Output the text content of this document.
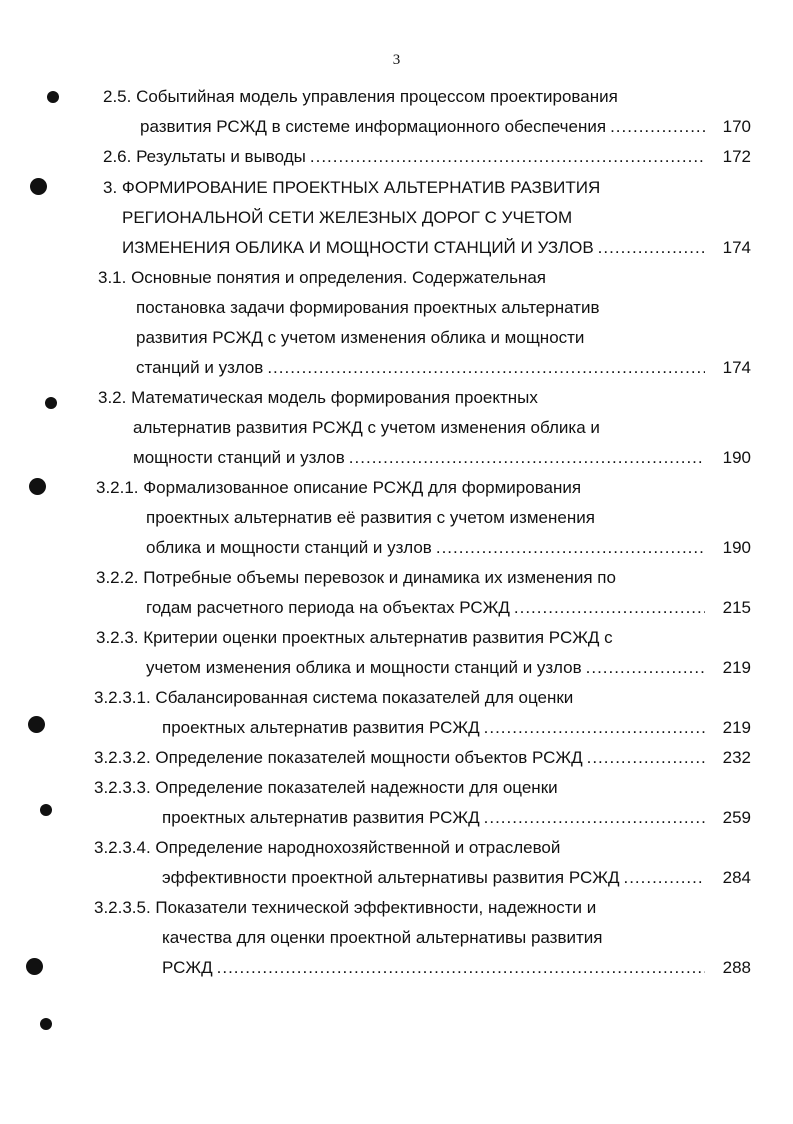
3
2.5. Событийная модель управления процессом проектирования
развития РСЖД в системе информационного обеспечения .....	170
2.6. Результаты и выводы .....	172
3. ФОРМИРОВАНИЕ ПРОЕКТНЫХ АЛЬТЕРНАТИВ РАЗВИТИЯ
РЕГИОНАЛЬНОЙ СЕТИ ЖЕЛЕЗНЫХ ДОРОГ С УЧЕТОМ
ИЗМЕНЕНИЯ ОБЛИКА И МОЩНОСТИ СТАНЦИЙ И УЗЛОВ .....	174
3.1. Основные понятия и определения. Содержательная
постановка задачи формирования проектных альтернатив
развития РСЖД с учетом изменения облика и мощности
станций и узлов .....	174
3.2. Математическая модель формирования проектных
альтернатив развития РСЖД с учетом изменения облика и
мощности станций и узлов .....	190
3.2.1. Формализованное описание РСЖД для формирования
проектных альтернатив её развития с учетом изменения
облика и мощности станций и узлов .....	190
3.2.2. Потребные объемы перевозок и динамика их изменения по
годам расчетного периода на объектах РСЖД .....	215
3.2.3. Критерии оценки проектных альтернатив развития РСЖД с
учетом изменения облика и мощности станций и узлов .....	219
3.2.3.1. Сбалансированная система показателей для оценки
проектных альтернатив развития РСЖД .....	219
3.2.3.2. Определение показателей мощности объектов РСЖД .....	232
3.2.3.3. Определение показателей надежности для оценки
проектных альтернатив развития РСЖД .....	259
3.2.3.4. Определение народнохозяйственной и отраслевой
эффективности проектной альтернативы развития РСЖД .....	284
3.2.3.5. Показатели технической эффективности, надежности и
качества для оценки проектной альтернативы развития
РСЖД .....	288
